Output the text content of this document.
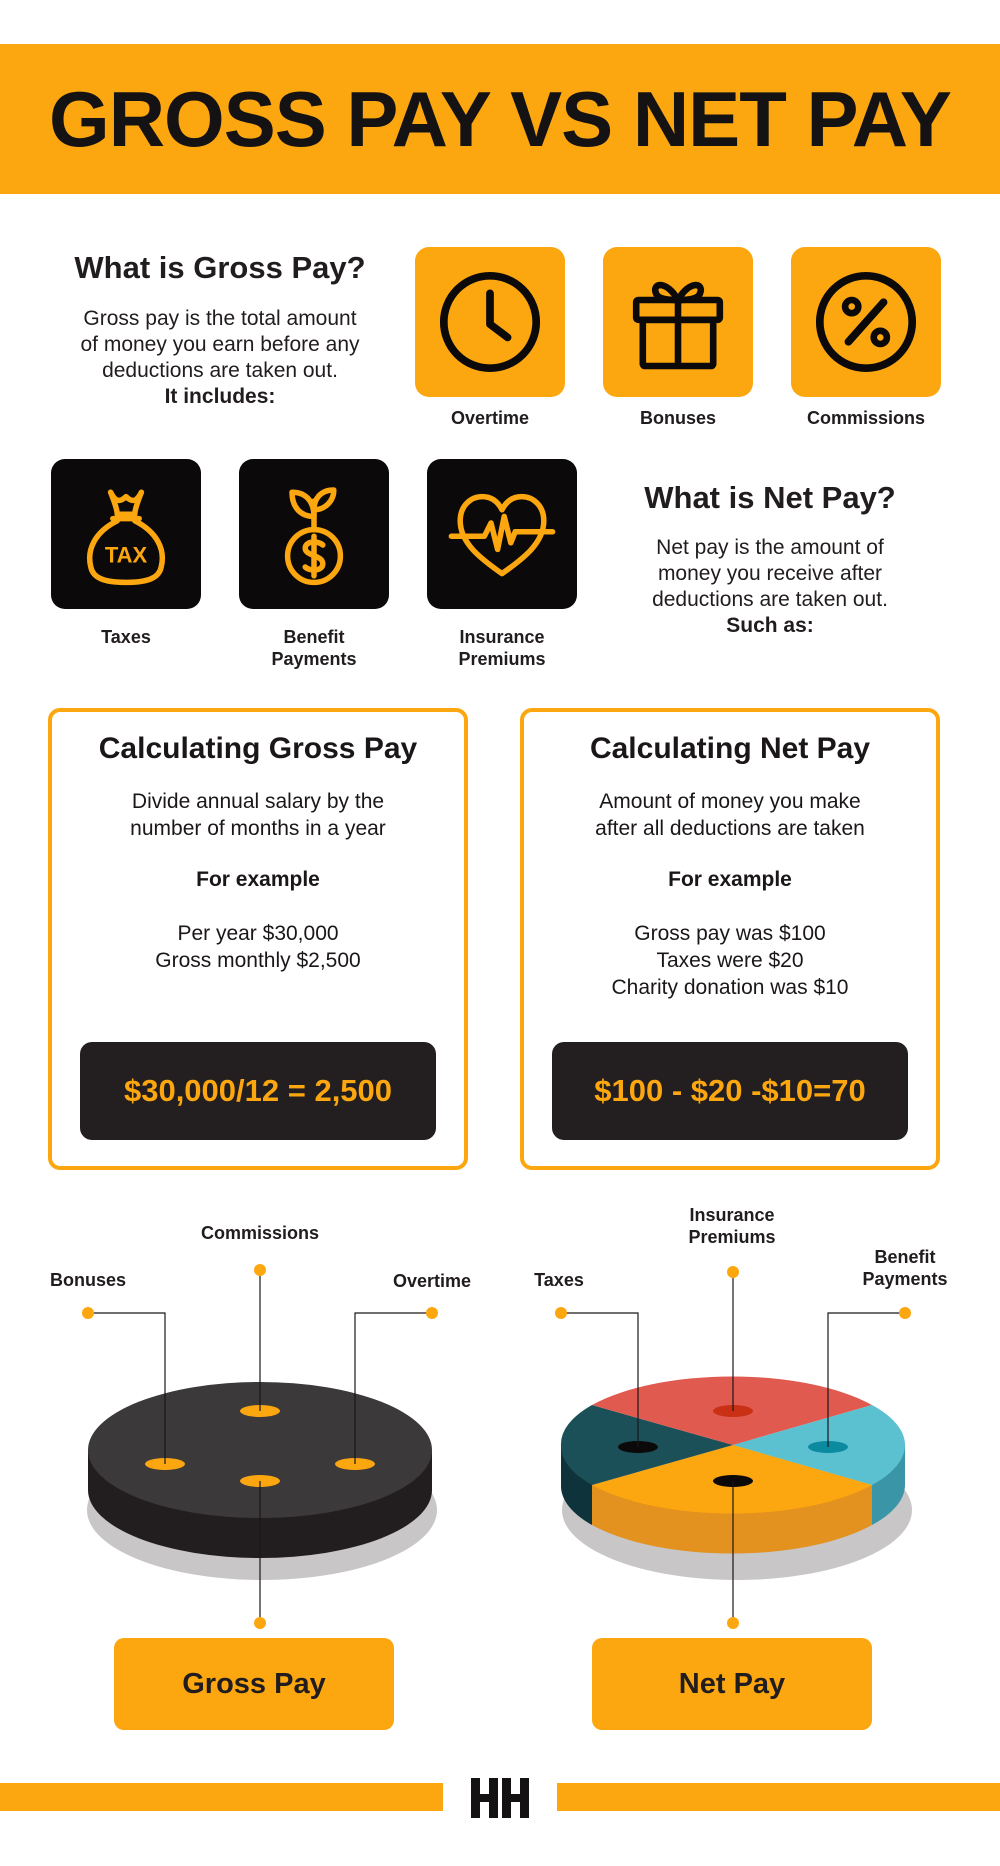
GROSS PAY VS NET PAY
What is Gross Pay?
Gross pay is the total amount
of money you earn before any
deductions are taken out.
It includes:
Overtime	Bonuses	Commissions
TAX
Taxes	Benefit
Payments
Insurance
Premiums
What is Net Pay?
Net pay is the amount of
money you receive after
deductions are taken out.
Such as:
Calculating Gross Pay
Divide annual salary by the
number of months in a year
For example
Per year $30,000
Gross monthly $2,500
$30,000/12 = 2,500
Calculating Net Pay
Amount of money you make
after all deductions are taken
For example
Gross pay was $100
Taxes were $20
Charity donation was $10
$100 - $20 -$10=70
Bonuses
Commissions
Overtime	Taxes
Insurance
Premiums
Benefit
Payments
Gross Pay	Net Pay
